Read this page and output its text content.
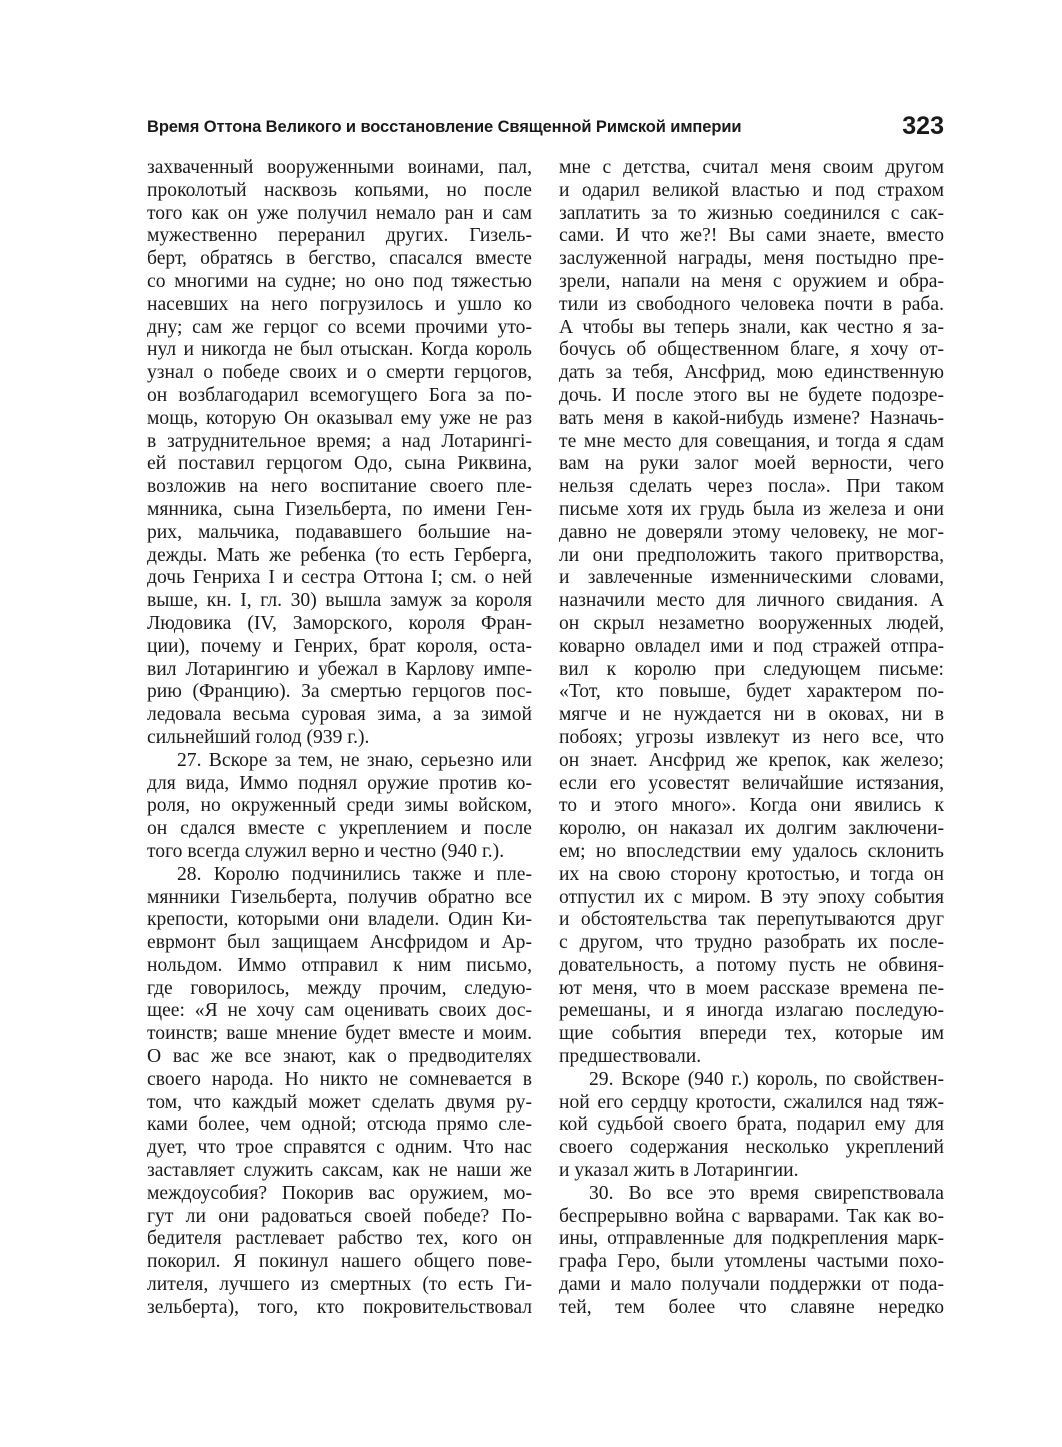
Время Оттона Великого и восстановление Священной Римской империи	323
захваченный вооруженными воинами, пал,
проколотый насквозь копьями, но после
того как он уже получил немало ран и сам
мужественно переранил других. Гизель-
берт, обратясь в бегство, спасался вместе
со многими на судне; но оно под тяжестью
насевших на него погрузилось и ушло ко
дну; сам же герцог со всеми прочими уто-
нул и никогда не был отыскан. Когда король
узнал о победе своих и о смерти герцогов,
он возблагодарил всемогущего Бога за по-
мощь, которую Он оказывал ему уже не раз
в затруднительное время; а над Лотарингі-
ей поставил герцогом Одо, сына Риквина,
возложив на него воспитание своего пле-
мянника, сына Гизельберта, по имени Ген-
рих, мальчика, подававшего большие на-
дежды. Мать же ребенка (то есть Герберга,
дочь Генриха I и сестра Оттона I; см. о ней
выше, кн. I, гл. 30) вышла замуж за короля
Людовика (IV, Заморского, короля Фран-
ции), почему и Генрих, брат короля, оста-
вил Лотарингию и убежал в Карлову импе-
рию (Францию). За смертью герцогов пос-
ледовала весьма суровая зима, а за зимой
сильнейший голод (939 г.).
27. Вскоре за тем, не знаю, серьезно или
для вида, Иммо поднял оружие против ко-
роля, но окруженный среди зимы войском,
он сдался вместе с укреплением и после
того всегда служил верно и честно (940 г.).
28. Королю подчинились также и пле-
мянники Гизельберта, получив обратно все
крепости, которыми они владели. Один Ки-
еврмонт был защищаем Ансфридом и Ар-
нольдом. Иммо отправил к ним письмо,
где говорилось, между прочим, следую-
щее: «Я не хочу сам оценивать своих дос-
тоинств; ваше мнение будет вместе и моим.
О вас же все знают, как о предводителях
своего народа. Но никто не сомневается в
том, что каждый может сделать двумя ру-
ками более, чем одной; отсюда прямо сле-
дует, что трое справятся с одним. Что нас
заставляет служить саксам, как не наши же
междоусобия? Покорив вас оружием, мо-
гут ли они радоваться своей победе? По-
бедителя растлевает рабство тех, кого он
покорил. Я покинул нашего общего пове-
лителя, лучшего из смертных (то есть Ги-
зельберта), того, кто покровительствовал
мне с детства, считал меня своим другом
и одарил великой властью и под страхом
заплатить за то жизнью соединился с сак-
сами. И что же?! Вы сами знаете, вместо
заслуженной награды, меня постыдно пре-
зрели, напали на меня с оружием и обра-
тили из свободного человека почти в раба.
А чтобы вы теперь знали, как честно я за-
бочусь об общественном благе, я хочу от-
дать за тебя, Ансфрид, мою единственную
дочь. И после этого вы не будете подозре-
вать меня в какой-нибудь измене? Назначь-
те мне место для совещания, и тогда я сдам
вам на руки залог моей верности, чего
нельзя сделать через посла». При таком
письме хотя их грудь была из железа и они
давно не доверяли этому человеку, не мог-
ли они предположить такого притворства,
и завлеченные изменническими словами,
назначили место для личного свидания. А
он скрыл незаметно вооруженных людей,
коварно овладел ими и под стражей отпра-
вил к королю при следующем письме:
«Тот, кто повыше, будет характером по-
мягче и не нуждается ни в оковах, ни в
побоях; угрозы извлекут из него все, что
он знает. Ансфрид же крепок, как железо;
если его усовестят величайшие истязания,
то и этого много». Когда они явились к
королю, он наказал их долгим заключени-
ем; но впоследствии ему удалось склонить
их на свою сторону кротостью, и тогда он
отпустил их с миром. В эту эпоху события
и обстоятельства так перепутываются друг
с другом, что трудно разобрать их после-
довательность, а потому пусть не обвиня-
ют меня, что в моем рассказе времена пе-
ремешаны, и я иногда излагаю последую-
щие события впереди тех, которые им
предшествовали.
29. Вскоре (940 г.) король, по свойствен-
ной его сердцу кротости, сжалился над тяж-
кой судьбой своего брата, подарил ему для
своего содержания несколько укреплений
и указал жить в Лотарингии.
30. Во все это время свирепствовала
беспрерывно война с варварами. Так как во-
ины, отправленные для подкрепления марк-
графа Геро, были утомлены частыми похо-
дами и мало получали поддержки от пода-
тей, тем более что славяне нередко
